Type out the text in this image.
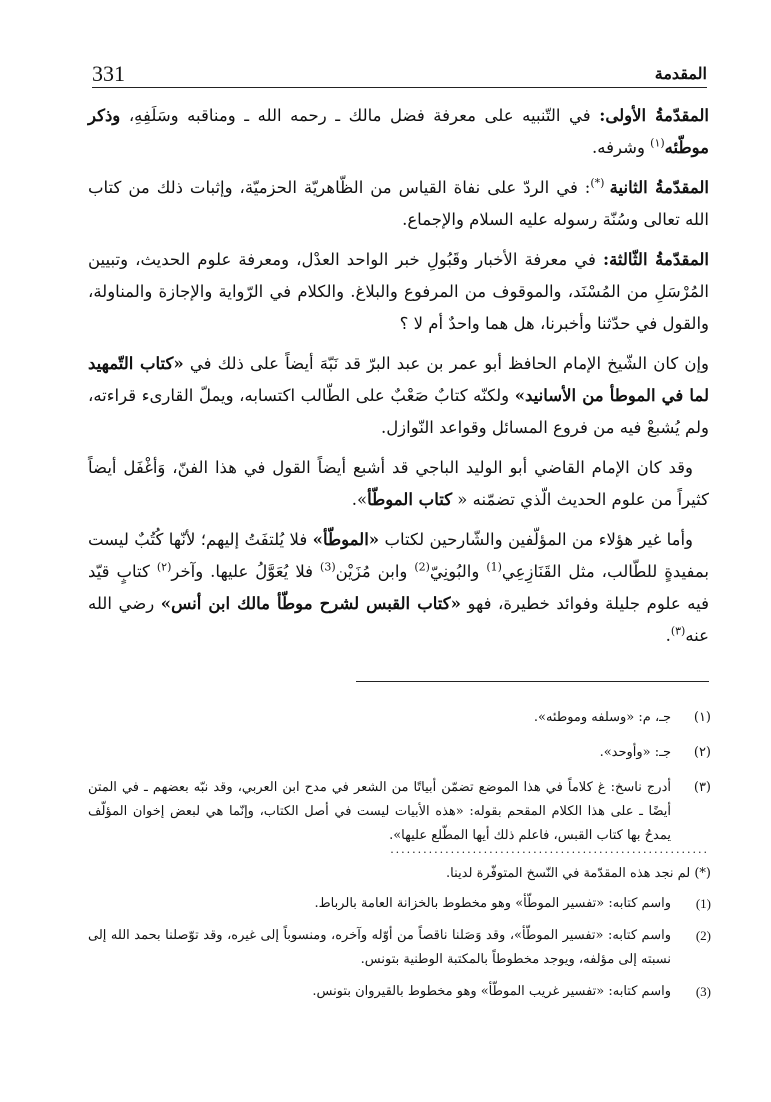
331	المقدمة

المقدّمةُ الأولى: في التّنبيه على معرفة فضل مالك ـ رحمه الله ـ ومناقبه وسَلَفِهِ، وذكر موطّئه$^{(١)}$ وشرفه.

المقدّمةُ الثانية (*): في الردّ على نفاة القياس من الظّاهريّة الحزميّة، وإثبات ذلك من كتاب الله تعالى وسُنّة رسوله عليه السلام والإجماع.

المقدّمةُ الثّالثة: في معرفة الأخبار وقَبُولِ خبر الواحد العدْل، ومعرفة علوم الحديث، وتبيين المُرْسَلِ من المُسْنَد، والموقوف من المرفوع والبلاغ. والكلام في الرّواية والإجازة والمناولة، والقول في حدّثنا وأخبرنا، هل هما واحدٌ أم لا ؟

وإن كان الشّيخ الإمام الحافظ أبو عمر بن عبد البرّ قد نَبّهَ أيضاً على ذلك في «كتاب التّمهيد لما في الموطأ من الأسانيد» ولكنّه كتابٌ صَعْبٌ على الطّالب اكتسابه، ويملّ القارىء قراءته، ولم يُشبعْ فيه من فروع المسائل وقواعد النّوازل.

وقد كان الإمام القاضي أبو الوليد الباجي قد أشبع أيضاً القول في هذا الفنّ، وَأغْفَل أيضاً كثيراً من علوم الحديث الّذي تضمّنه « كتاب الموطّأ».

وأما غير هؤلاء من المؤلّفين والشّارحين لكتاب «الموطّأ» فلا يُلتفَتُ إليهم؛ لأنّها كُتُبٌ ليست بمفيدةٍ للطّالب، مثل القَنَازِعِي$^{(1)}$ والبُونِيّ$^{(2)}$ وابن مُزَيْن$^{(3)}$ فلا يُعَوَّلُ عليها. وآخر$^{(٢)}$ كتابٍ قيّد فيه علوم جليلة وفوائد خطيرة، فهو «كتاب القبس لشرح موطّأ مالك ابن أنس» رضي الله عنه$^{(٣)}$.

(١)
جـ، م: «وسلفه وموطئه».
(٢)
جـ: «وأوحد».
(٣)
أدرج ناسخ: غ كلاماً في هذا الموضع تضمّن أبياتًا من الشعر في مدح ابن العربي، وقد نبّه بعضهم ـ في المتن أيضًا ـ على هذا الكلام المقحم بقوله: «هذه الأبيات ليست في أصل الكتاب، وإنّما هي لبعض إخوان المؤلّف يمدحُ بها كتاب القبس، فاعلم ذلك أيها المطّلع عليها».
..........................................................
(*) لم نجد هذه المقدّمة في النّسخ المتوفّرة لدينا.
(1)
واسم كتابه: «تفسير الموطّأ» وهو مخطوط بالخزانة العامة بالرباط.
(2)
واسم كتابه: «تفسير الموطّأ»، وقد وَصَلنا ناقصاً من أوّله وآخره، ومنسوباً إلى غيره، وقد توّصلنا بحمد الله إلى نسبته إلى مؤلفه، ويوجد مخطوطاً بالمكتبة الوطنية بتونس.
(3)
واسم كتابه: «تفسير غريب الموطّأ» وهو مخطوط بالقيروان بتونس.
